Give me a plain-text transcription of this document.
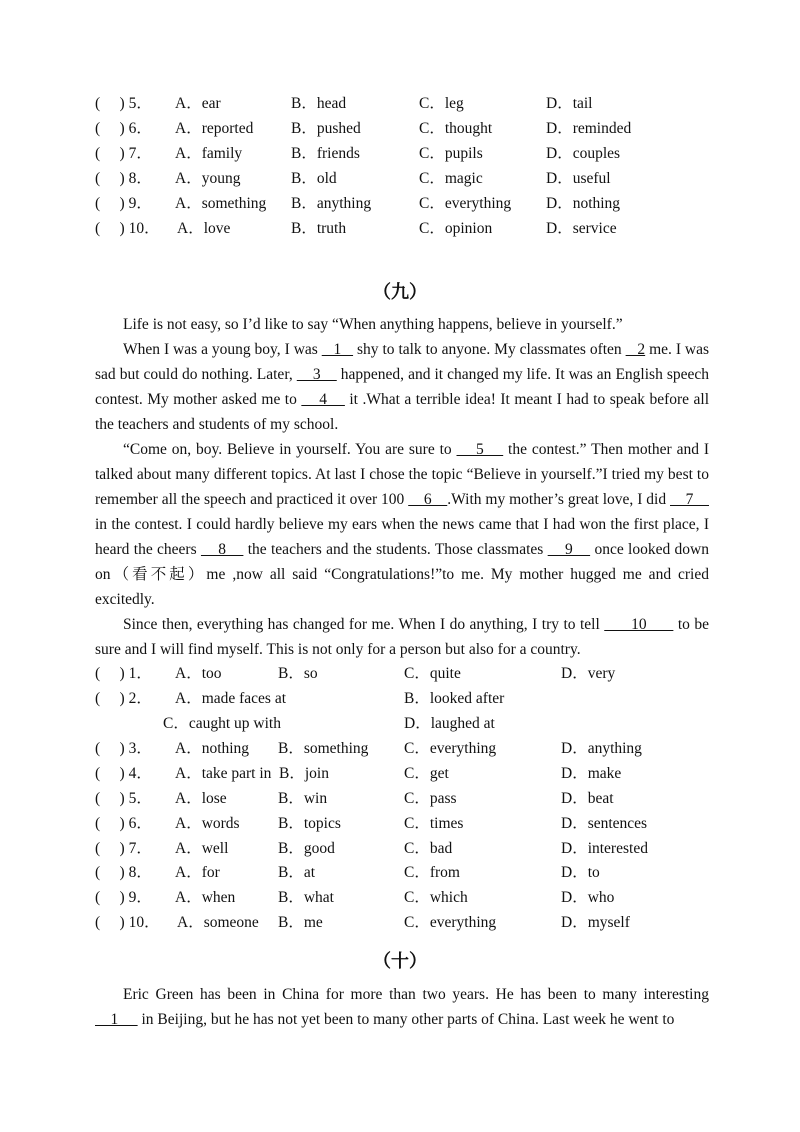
(　 ) 5． A．ear	B．head	C．leg	D．tail
(　 ) 6． A．reported B．pushed	C．thought	D．reminded
(　 ) 7． A．family	B．friends	C．pupils	D．couples
(　 ) 8． A．young	B．old	C．magic	D．useful
(　 ) 9． A．something B．anything	C．everything D．nothing
(　 ) 10． A．love	B．truth	C．opinion	D．service
（九）

Life is not easy, so I’d like to say “When anything happens, believe in yourself.”

When I was a young boy, I was    1    shy to talk to anyone. My classmates often    2 me. I was sad but could do nothing. Later,     3     happened, and it changed my life. It was an English speech contest. My mother asked me to     4     it .What a terrible idea! It meant I had to speak before all the teachers and students of my school.

“Come on, boy. Believe in yourself. You are sure to     5     the contest.” Then mother and I talked about many different topics. At last I chose the topic “Believe in yourself.”I tried my best to remember all the speech and practiced it over 100     6    .With my mother’s great love, I did     7     in the contest. I could hardly believe my ears when the news came that I had won the first place, I heard the cheers     8     the teachers and the students. Those classmates     9     once looked down on（看不起）me ,now all said “Congratulations!”to me. My mother hugged me and cried excitedly.

Since then, everything has changed for me. When I do anything, I try to tell       10       to be sure and I will find myself. This is not only for a person but also for a country.

(　 ) 1． A．too	B．so	C．quite	D．very
(　 ) 2． A．made faces at	B．looked after
C．caught up with	D．laughed at
(　 ) 3． A．nothing B．something C．everything	D．anything
(　 ) 4． A．take part in B．join	C．get	D．make
(　 ) 5． A．lose	B．win	C．pass	D．beat
(　 ) 6． A．words B．topics	C．times	D．sentences
(　 ) 7． A．well	B．good	C．bad	D．interested
(　 ) 8． A．for	B．at	C．from	D．to
(　 ) 9． A．when	B．what	C．which	D．who
(　 ) 10． A．someone B．me	C．everything	D．myself
（十）

Eric Green has been in China for more than two years. He has been to many interesting  _ 1      in Beijing, but he has not yet been to many other parts of China. Last week he went to
